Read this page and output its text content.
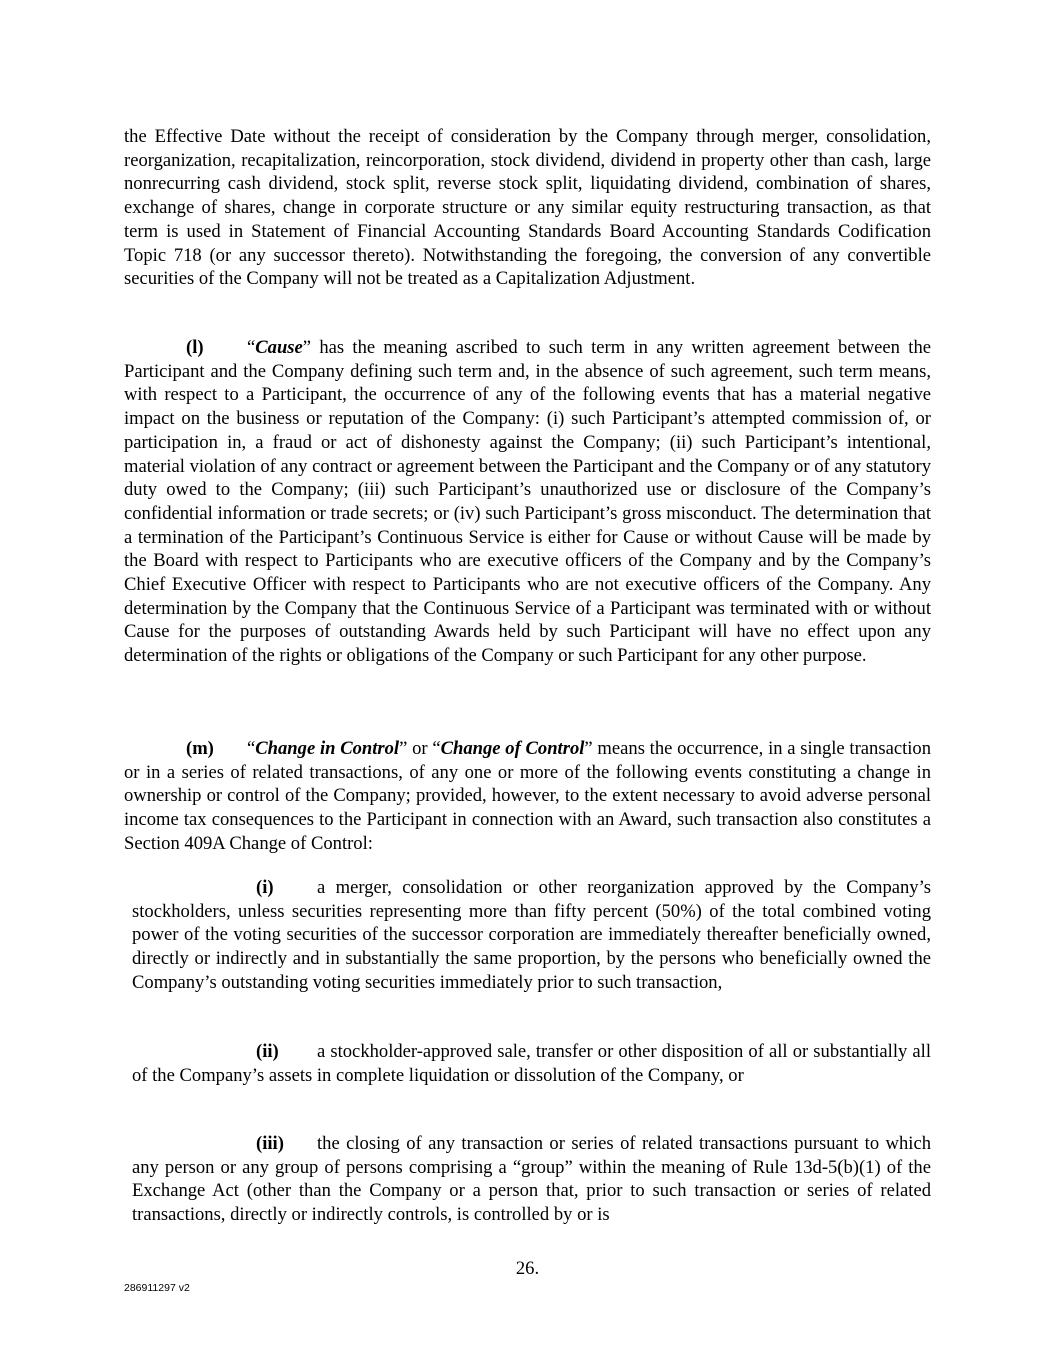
the Effective Date without the receipt of consideration by the Company through merger, consolidation, reorganization, recapitalization, reincorporation, stock dividend, dividend in property other than cash, large nonrecurring cash dividend, stock split, reverse stock split, liquidating dividend, combination of shares, exchange of shares, change in corporate structure or any similar equity restructuring transaction, as that term is used in Statement of Financial Accounting Standards Board Accounting Standards Codification Topic 718 (or any successor thereto). Notwithstanding the foregoing, the conversion of any convertible securities of the Company will not be treated as a Capitalization Adjustment.

(l) “Cause” has the meaning ascribed to such term in any written agreement between the Participant and the Company defining such term and, in the absence of such agreement, such term means, with respect to a Participant, the occurrence of any of the following events that has a material negative impact on the business or reputation of the Company: (i) such Participant’s attempted commission of, or participation in, a fraud or act of dishonesty against the Company; (ii) such Participant’s intentional, material violation of any contract or agreement between the Participant and the Company or of any statutory duty owed to the Company; (iii) such Participant’s unauthorized use or disclosure of the Company’s confidential information or trade secrets; or (iv) such Participant’s gross misconduct. The determination that a termination of the Participant’s Continuous Service is either for Cause or without Cause will be made by the Board with respect to Participants who are executive officers of the Company and by the Company’s Chief Executive Officer with respect to Participants who are not executive officers of the Company. Any determination by the Company that the Continuous Service of a Participant was terminated with or without Cause for the purposes of outstanding Awards held by such Participant will have no effect upon any determination of the rights or obligations of the Company or such Participant for any other purpose.

(m) “Change in Control” or “Change of Control” means the occurrence, in a single transaction or in a series of related transactions, of any one or more of the following events constituting a change in ownership or control of the Company; provided, however, to the extent necessary to avoid adverse personal income tax consequences to the Participant in connection with an Award, such transaction also constitutes a Section 409A Change of Control:

(i) a merger, consolidation or other reorganization approved by the Company’s stockholders, unless securities representing more than fifty percent (50%) of the total combined voting power of the voting securities of the successor corporation are immediately thereafter beneficially owned, directly or indirectly and in substantially the same proportion, by the persons who beneficially owned the Company’s outstanding voting securities immediately prior to such transaction,

(ii) a stockholder-approved sale, transfer or other disposition of all or substantially all of the Company’s assets in complete liquidation or dissolution of the Company, or

(iii) the closing of any transaction or series of related transactions pursuant to which any person or any group of persons comprising a “group” within the meaning of Rule 13d-5(b)(1) of the Exchange Act (other than the Company or a person that, prior to such transaction or series of related transactions, directly or indirectly controls, is controlled by or is

26.
286911297 v2
